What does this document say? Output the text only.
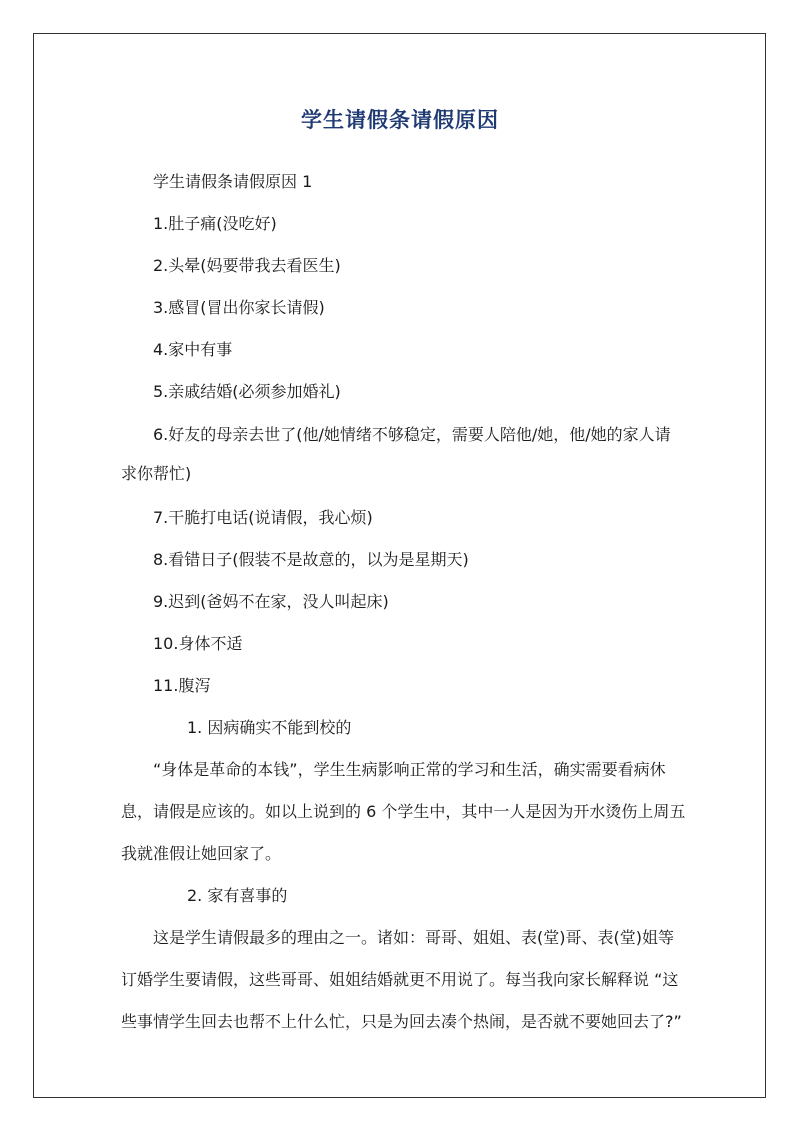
学生请假条请假原因

学生请假条请假原因 1

1.肚子痛(没吃好)

2.头晕(妈要带我去看医生)

3.感冒(冒出你家长请假)

4.家中有事

5.亲戚结婚(必须参加婚礼)

6.好友的母亲去世了(他/她情绪不够稳定，需要人陪他/她，他/她的家人请

求你帮忙)

7.干脆打电话(说请假，我心烦)

8.看错日子(假装不是故意的，以为是星期天)

9.迟到(爸妈不在家，没人叫起床)

10.身体不适

11.腹泻

1. 因病确实不能到校的

“身体是革命的本钱”，学生生病影响正常的学习和生活，确实需要看病休

息，请假是应该的。如以上说到的 6 个学生中，其中一人是因为开水烫伤上周五

我就准假让她回家了。

2. 家有喜事的

这是学生请假最多的理由之一。诸如：哥哥、姐姐、表(堂)哥、表(堂)姐等

订婚学生要请假，这些哥哥、姐姐结婚就更不用说了。每当我向家长解释说 “这

些事情学生回去也帮不上什么忙，只是为回去凑个热闹，是否就不要她回去了?”
